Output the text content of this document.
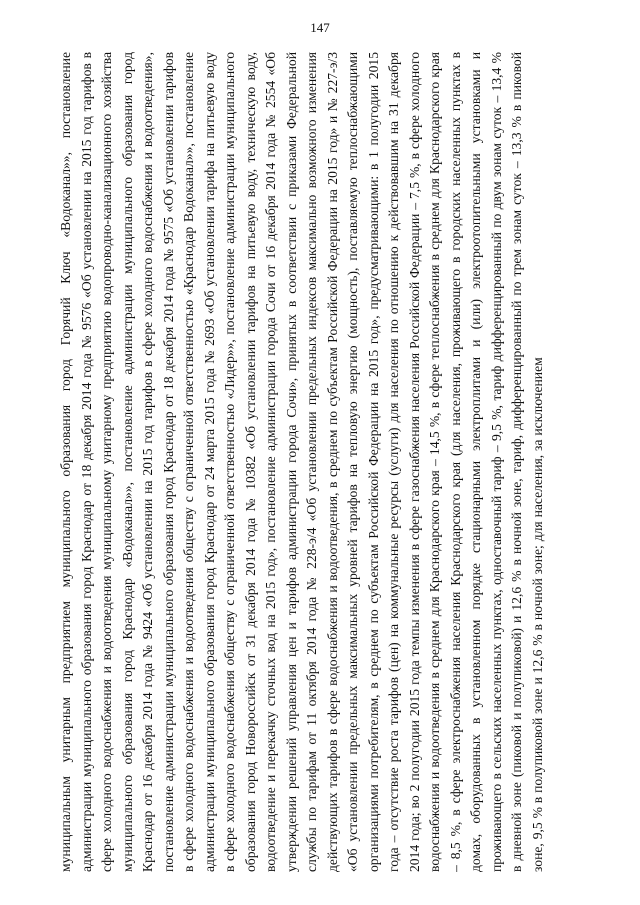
147
муниципальным унитарным предприятием муниципального образования город Горячий Ключ «Водоканал»», постановление администрации муниципального образования город Краснодар от 18 декабря 2014 года № 9576 «Об установлении на 2015 год тарифов в сфере холодного водоснабжения и водоотведения муниципальному унитарному предприятию водопроводно-канализационного хозяйства муниципального образования город Краснодар «Водоканал»», постановление администрации муниципального образования город Краснодар от 16 декабря 2014 года № 9424 «Об установлении на 2015 год тарифов в сфере холодного водоснабжения и водоотведения», постановление администрации муниципального образования город Краснодар от 18 декабря 2014 года № 9575 «Об установлении тарифов в сфере холодного водоснабжения и водоотведения обществу с ограниченной ответственностью «Краснодар Водоканал»», постановление администрации муниципального образования город Краснодар от 24 марта 2015 года № 2693 «Об установлении тарифа на питьевую воду в сфере холодного водоснабжения обществу с ограниченной ответственностью «Лидер»», постановление администрации муниципального образования город Новороссийск от 31 декабря 2014 года № 10382 «Об установлении тарифов на питьевую воду, техническую воду, водоотведение и перекачку сточных вод на 2015 год», постановление администрации города Сочи от 16 декабря 2014 года № 2554 «Об утверждении решений управления цен и тарифов администрации города Сочи», принятых в соответствии с приказами Федеральной службы по тарифам от 11 октября 2014 года № 228-э/4 «Об установлении предельных индексов максимально возможного изменения действующих тарифов в сфере водоснабжения и водоотведения, в среднем по субъектам Российской Федерации на 2015 год» и № 227-э/3 «Об установлении предельных максимальных уровней тарифов на тепловую энергию (мощность), поставляемую теплоснабжающими организациями потребителям, в среднем по субъектам Российской Федерации на 2015 год», предусматривающими: в 1 полугодии 2015 года – отсутствие роста тарифов (цен) на коммунальные ресурсы (услуги) для населения по отношению к действовавшим на 31 декабря 2014 года; во 2 полугодии 2015 года темпы изменения в сфере газоснабжения населения Российской Федерации – 7,5 %, в сфере холодного водоснабжения и водоотведения в среднем для Краснодарского края – 14,5 %, в сфере теплоснабжения в среднем для Краснодарского края – 8,5 %, в сфере электроснабжения населения Краснодарского края (для населения, проживающего в городских населенных пунктах в домах, оборудованных в установленном порядке стационарными электроплитами и (или) электроотопительными установками и проживающего в сельских населенных пунктах, одноставочный тариф – 9,5 %, тариф дифференцированный по двум зонам суток – 13,4 % в дневной зоне (пиковой и полупиковой) и 12,6 % в ночной зоне, тариф, дифференцированный по трем зонам суток – 13,3 % в пиковой зоне, 9,5 % в полупиковой зоне и 12,6 % в ночной зоне; для населения, за исключением
